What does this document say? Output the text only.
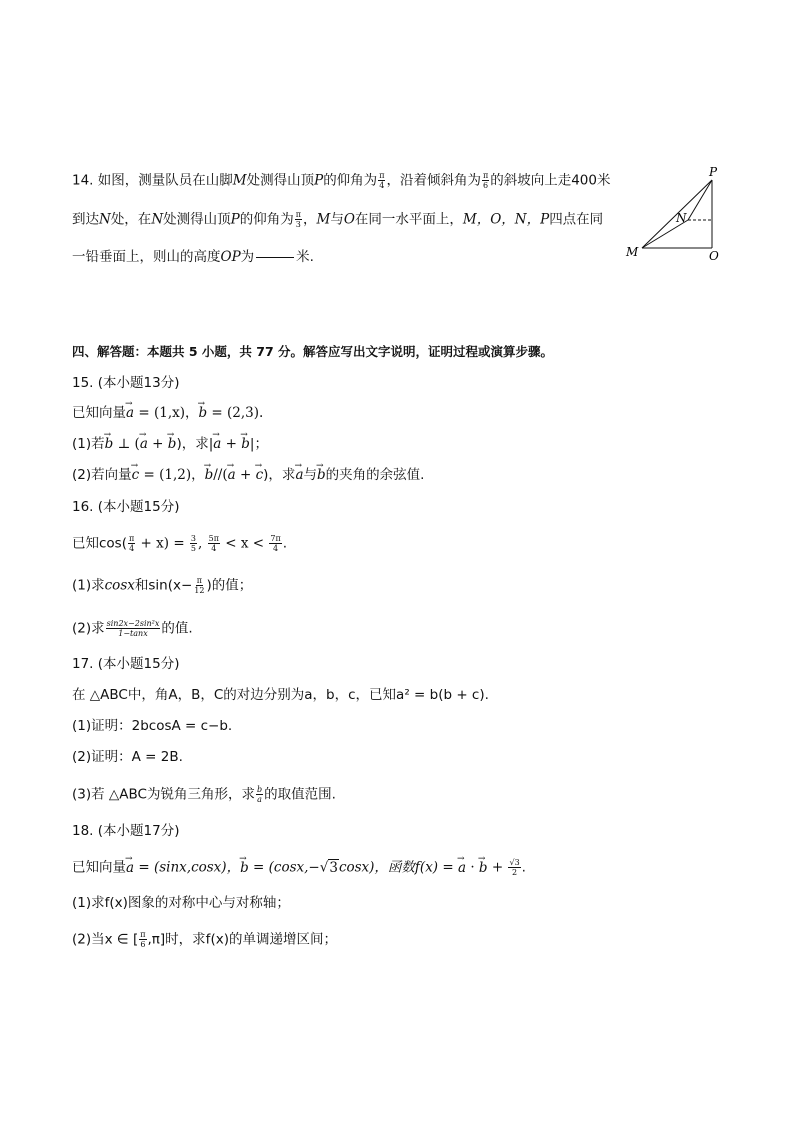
14. 如图，测量队员在山脚M处测得山顶P的仰角为 $\frac{\pi}{4}$ ，沿着倾斜角为 $\frac{\pi}{6}$ 的斜坡向上走400米
到达N处，在N处测得山顶P的仰角为 $\frac{\pi}{3}$ ，M与O在同一水平面上，M，O，N，P四点在同
一铅垂面上，则山的高度OP为	米.
P
N
M	O
四、解答题：本题共 5 小题，共 77 分。解答应写出文字说明，证明过程或演算步骤。
15. (本小题13分)
已知向量→ a = (1,x)，→ b = (2,3).
(1)若→ b ⊥ (→ a + → b)，求|→ a + → b|；
(2)若向量→ c = (1,2)，→ b//(→ a + → c)，求→ a与→ b的夹角的余弦值.
16. (本小题15分)
已知$\cos( \frac{\pi}{4} + x) = \frac{3}{5}$ , $\frac{5\pi}{4} < x < \frac{7\pi}{4}$ .
(1)求cosx和$\sin(x- \frac{\pi}{12}$ )的值；
(2)求 $\frac{\text{sin2x−2sin²x}}{1-\tan x}$ 的值.
17. (本小题15分)
在 △ABC中，角A，B，C的对边分别为a，b，c，已知a² = b(b + c).
(1)证明：2bcosA = c−b.
(2)证明：A = 2B.
(3)若 △ABC为锐角三角形，求 $\frac{b}{a}$ 的取值范围.
18. (本小题17分)
已知向量→ a = (sinx,cosx)，→ b = (cosx,−√3cosx)，函数f(x) = → a · → $b + \frac{√3}{2}$ .
(1)求f(x)图象的对称中心与对称轴；
(2)当x ∈ [ $\frac{\pi}{6} ,\pi$]时，求f(x)的单调递增区间；
